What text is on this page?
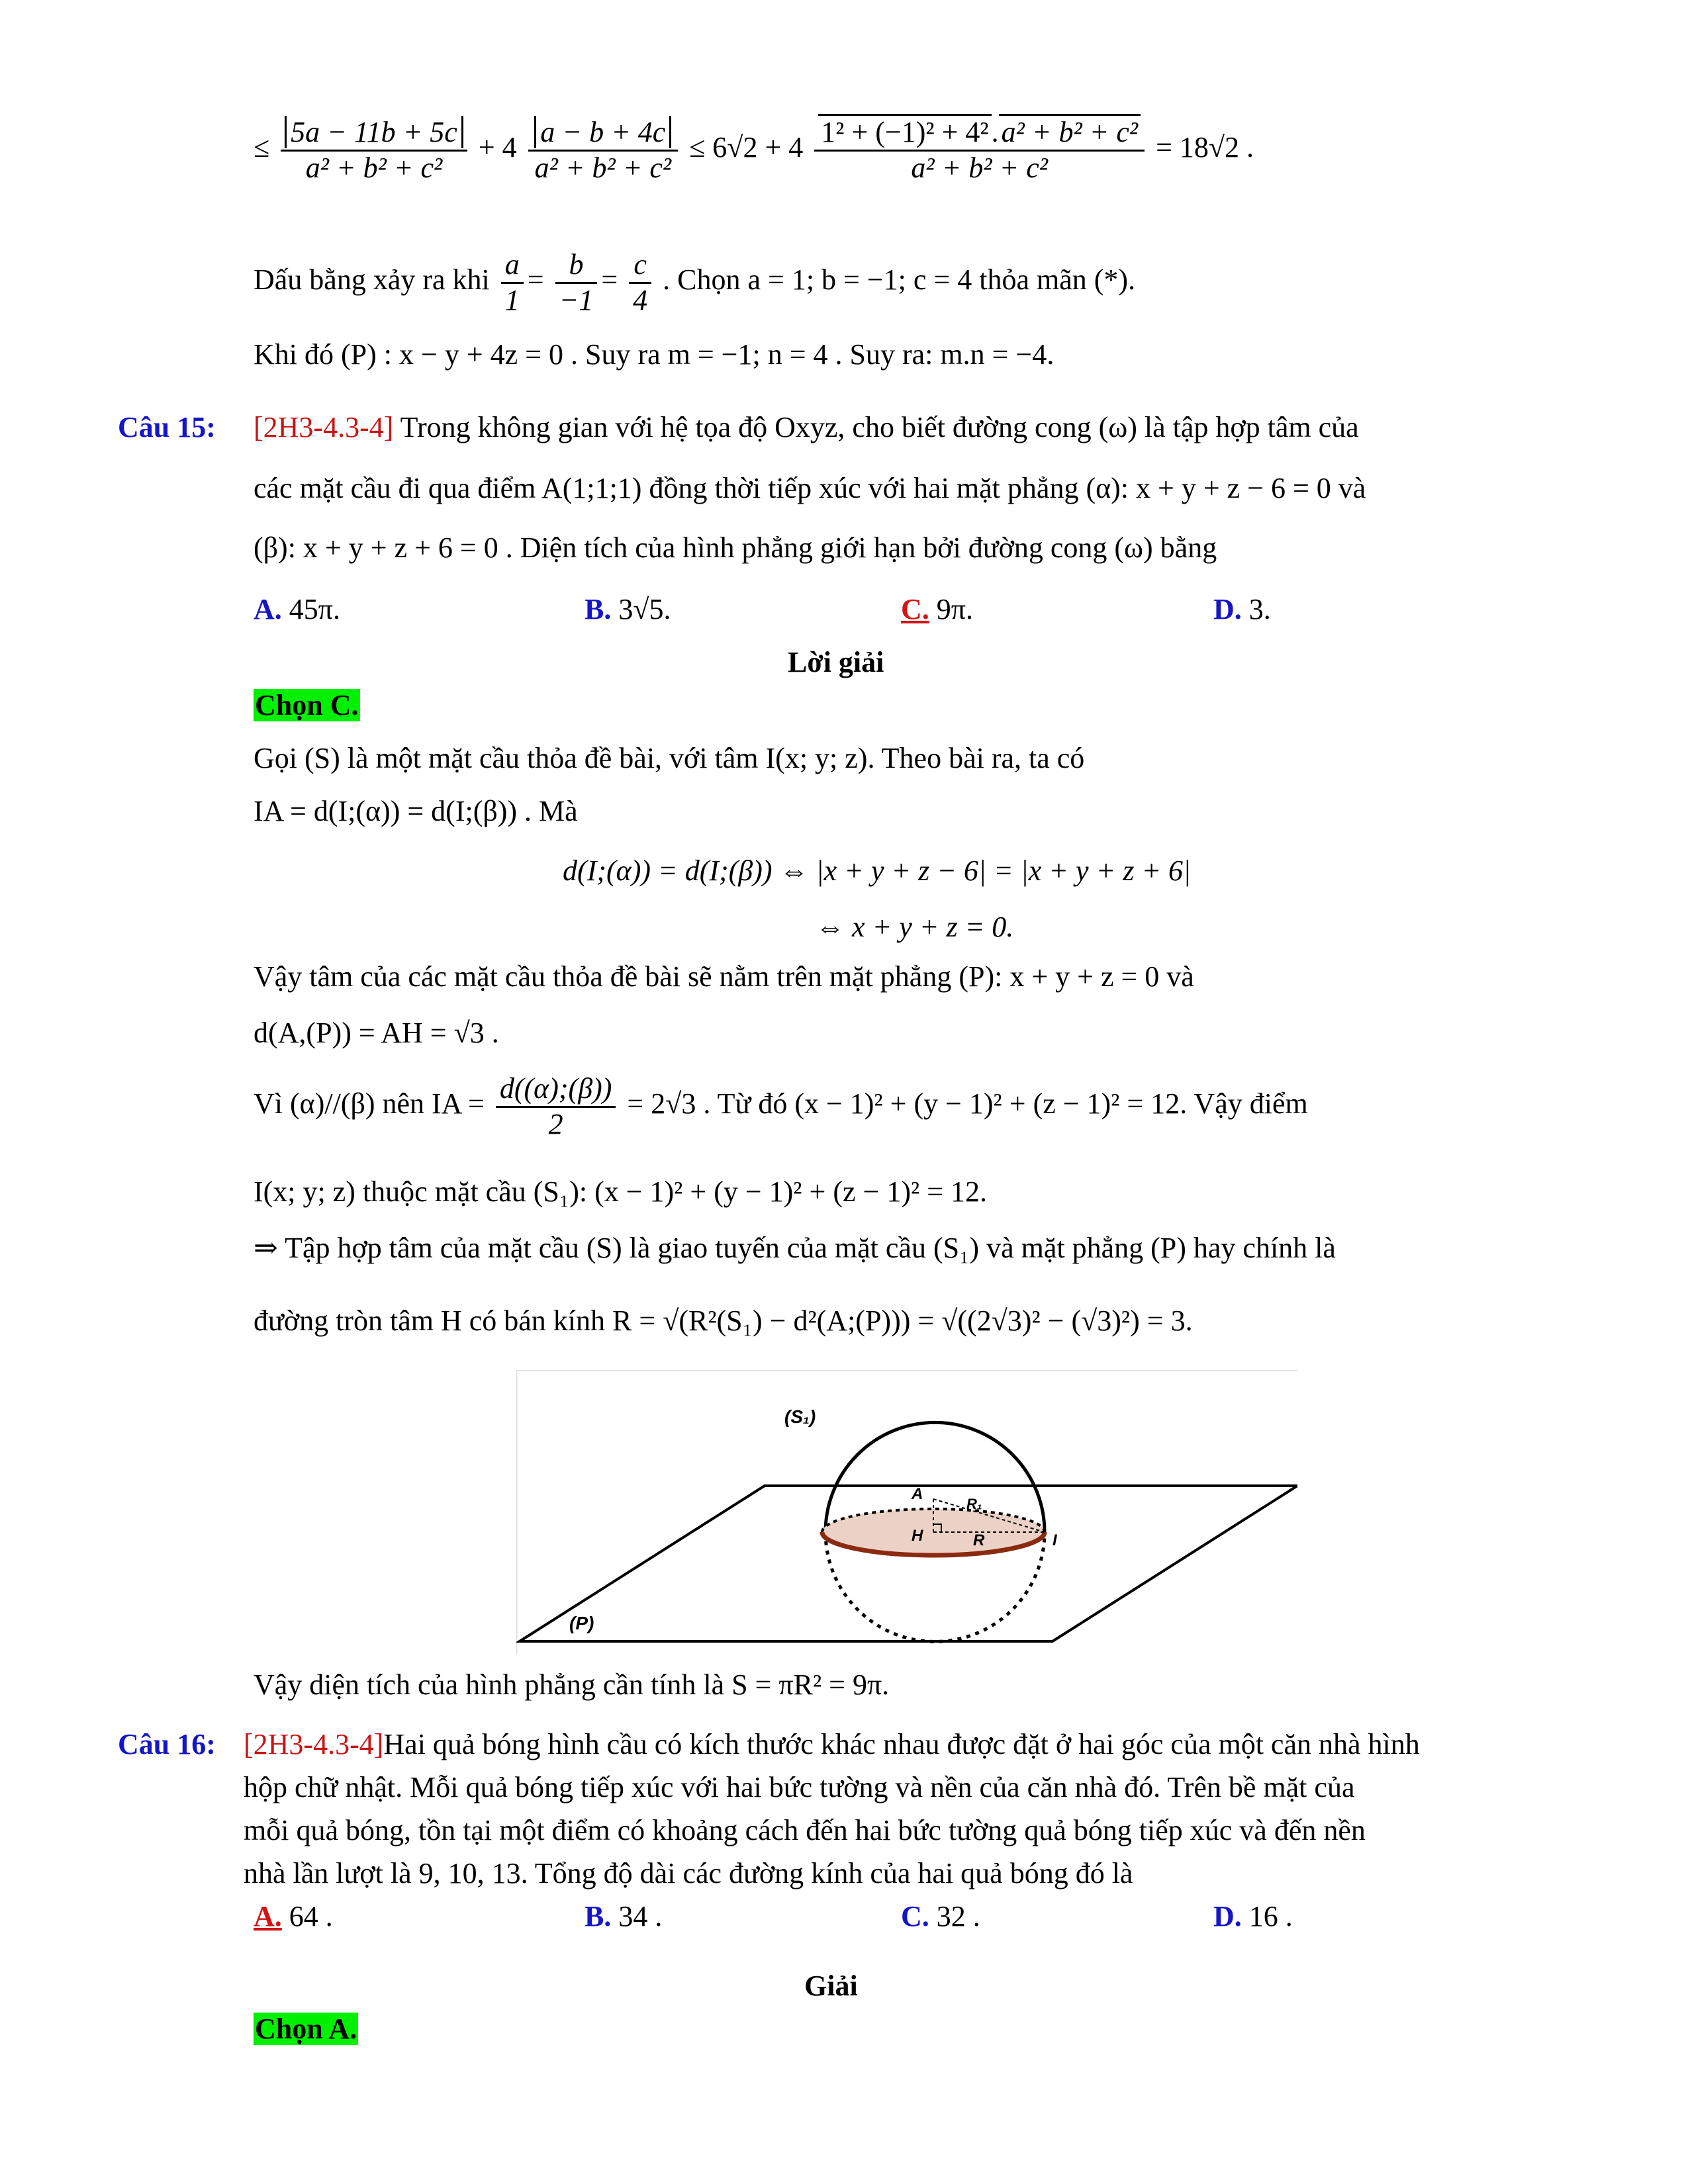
≤ $\frac{5a - 11b + 5c}{\text{a² + b² + c²}} + 4 \frac{a - b + 4c}{\text{a² + b² + c²}} \le 6√2 + 4 \frac{\text{1² + (−1)² + 4².a² + b² + c²}}{\text{a² + b² + c²}} = 18√2$ .
Dấu bằng xảy ra khi $\frac{a}{1} = \frac{b}{-1} = \frac{c}{4}$ . Chọn a = 1; b = −1; c = 4 thỏa mãn (*).
Khi đó (P) : x − y + 4z = 0 . Suy ra m = −1; n = 4 . Suy ra: m.n = −4.
Câu 15: [2H3-4.3-4] Trong không gian với hệ tọa độ Oxyz, cho biết đường cong (ω) là tập hợp tâm của
các mặt cầu đi qua điểm A(1;1;1) đồng thời tiếp xúc với hai mặt phẳng (α): x + y + z − 6 = 0 và
(β): x + y + z + 6 = 0 . Diện tích của hình phẳng giới hạn bởi đường cong (ω) bằng
A. 45π.	B. 3√5.	C. 9π.	D. 3.
Lời giải
Chọn C.
Gọi (S) là một mặt cầu thỏa đề bài, với tâm I(x; y; z). Theo bài ra, ta có
IA = d(I;(α)) = d(I;(β)) . Mà
d(I;(α)) = d(I;(β)) ⇔ |x + y + z − 6| = |x + y + z + 6|
⇔ x + y + z = 0.
Vậy tâm của các mặt cầu thỏa đề bài sẽ nằm trên mặt phẳng (P): x + y + z = 0 và
d(A,(P)) = AH = √3 .
Vì (α)//(β) nên IA = $\frac{d((\alpha);(\beta))}{2} = 2√3$ . Từ đó (x − 1)² + (y − 1)² + (z − 1)² = 12. Vậy điểm
I(x; y; z) thuộc mặt cầu (S₁): (x − 1)² + (y − 1)² + (z − 1)² = 12.
⇒ Tập hợp tâm của mặt cầu (S) là giao tuyến của mặt cầu (S₁) và mặt phẳng (P) hay chính là
đường tròn tâm H có bán kính R = √(R²(S₁) − d²(A;(P))) = √((2√3)² − (√3)²) = 3.
(S₁)
(P)
A
H	I
R
R₁
Vậy diện tích của hình phẳng cần tính là S = πR² = 9π.
Câu 16: [2H3-4.3-4]Hai quả bóng hình cầu có kích thước khác nhau được đặt ở hai góc của một căn nhà hình
hộp chữ nhật. Mỗi quả bóng tiếp xúc với hai bức tường và nền của căn nhà đó. Trên bề mặt của
mỗi quả bóng, tồn tại một điểm có khoảng cách đến hai bức tường quả bóng tiếp xúc và đến nền
nhà lần lượt là 9, 10, 13. Tổng độ dài các đường kính của hai quả bóng đó là
A. 64 .	B. 34 .	C. 32 .	D. 16 .
Giải
Chọn A.
